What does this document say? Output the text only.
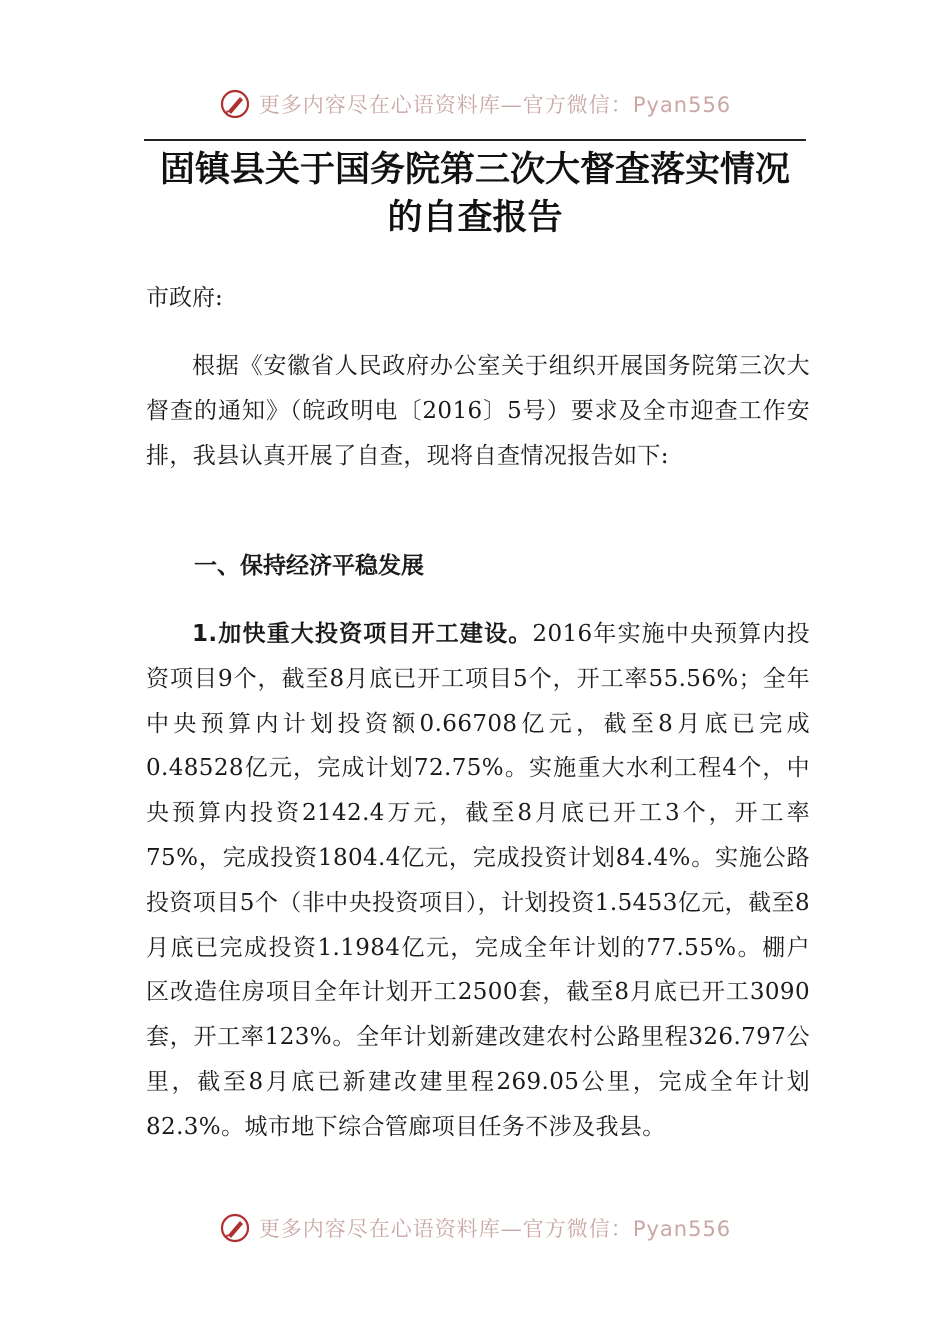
更多内容尽在心语资料库—官方微信：Pyan556
固镇县关于国务院第三次大督查落实情况
的自查报告
市政府:
根据《安徽省人民政府办公室关于组织开展国务院第三次大督查的通知》（皖政明电〔2016〕5号）要求及全市迎查工作安排，我县认真开展了自查，现将自查情况报告如下:
一、保持经济平稳发展
1.加快重大投资项目开工建设。2016年实施中央预算内投资项目9个，截至8月底已开工项目5个，开工率55.56%；全年中央预算内计划投资额0.66708亿元，截至8月底已完成0.48528亿元，完成计划72.75%。实施重大水利工程4个，中央预算内投资2142.4万元，截至8月底已开工3个，开工率75%，完成投资1804.4亿元，完成投资计划84.4%。实施公路投资项目5个（非中央投资项目），计划投资1.5453亿元，截至8月底已完成投资1.1984亿元，完成全年计划的77.55%。棚户区改造住房项目全年计划开工2500套，截至8月底已开工3090套，开工率123%。全年计划新建改建农村公路里程326.797公里，截至8月底已新建改建里程269.05公里，完成全年计划82.3%。城市地下综合管廊项目任务不涉及我县。
更多内容尽在心语资料库—官方微信：Pyan556
